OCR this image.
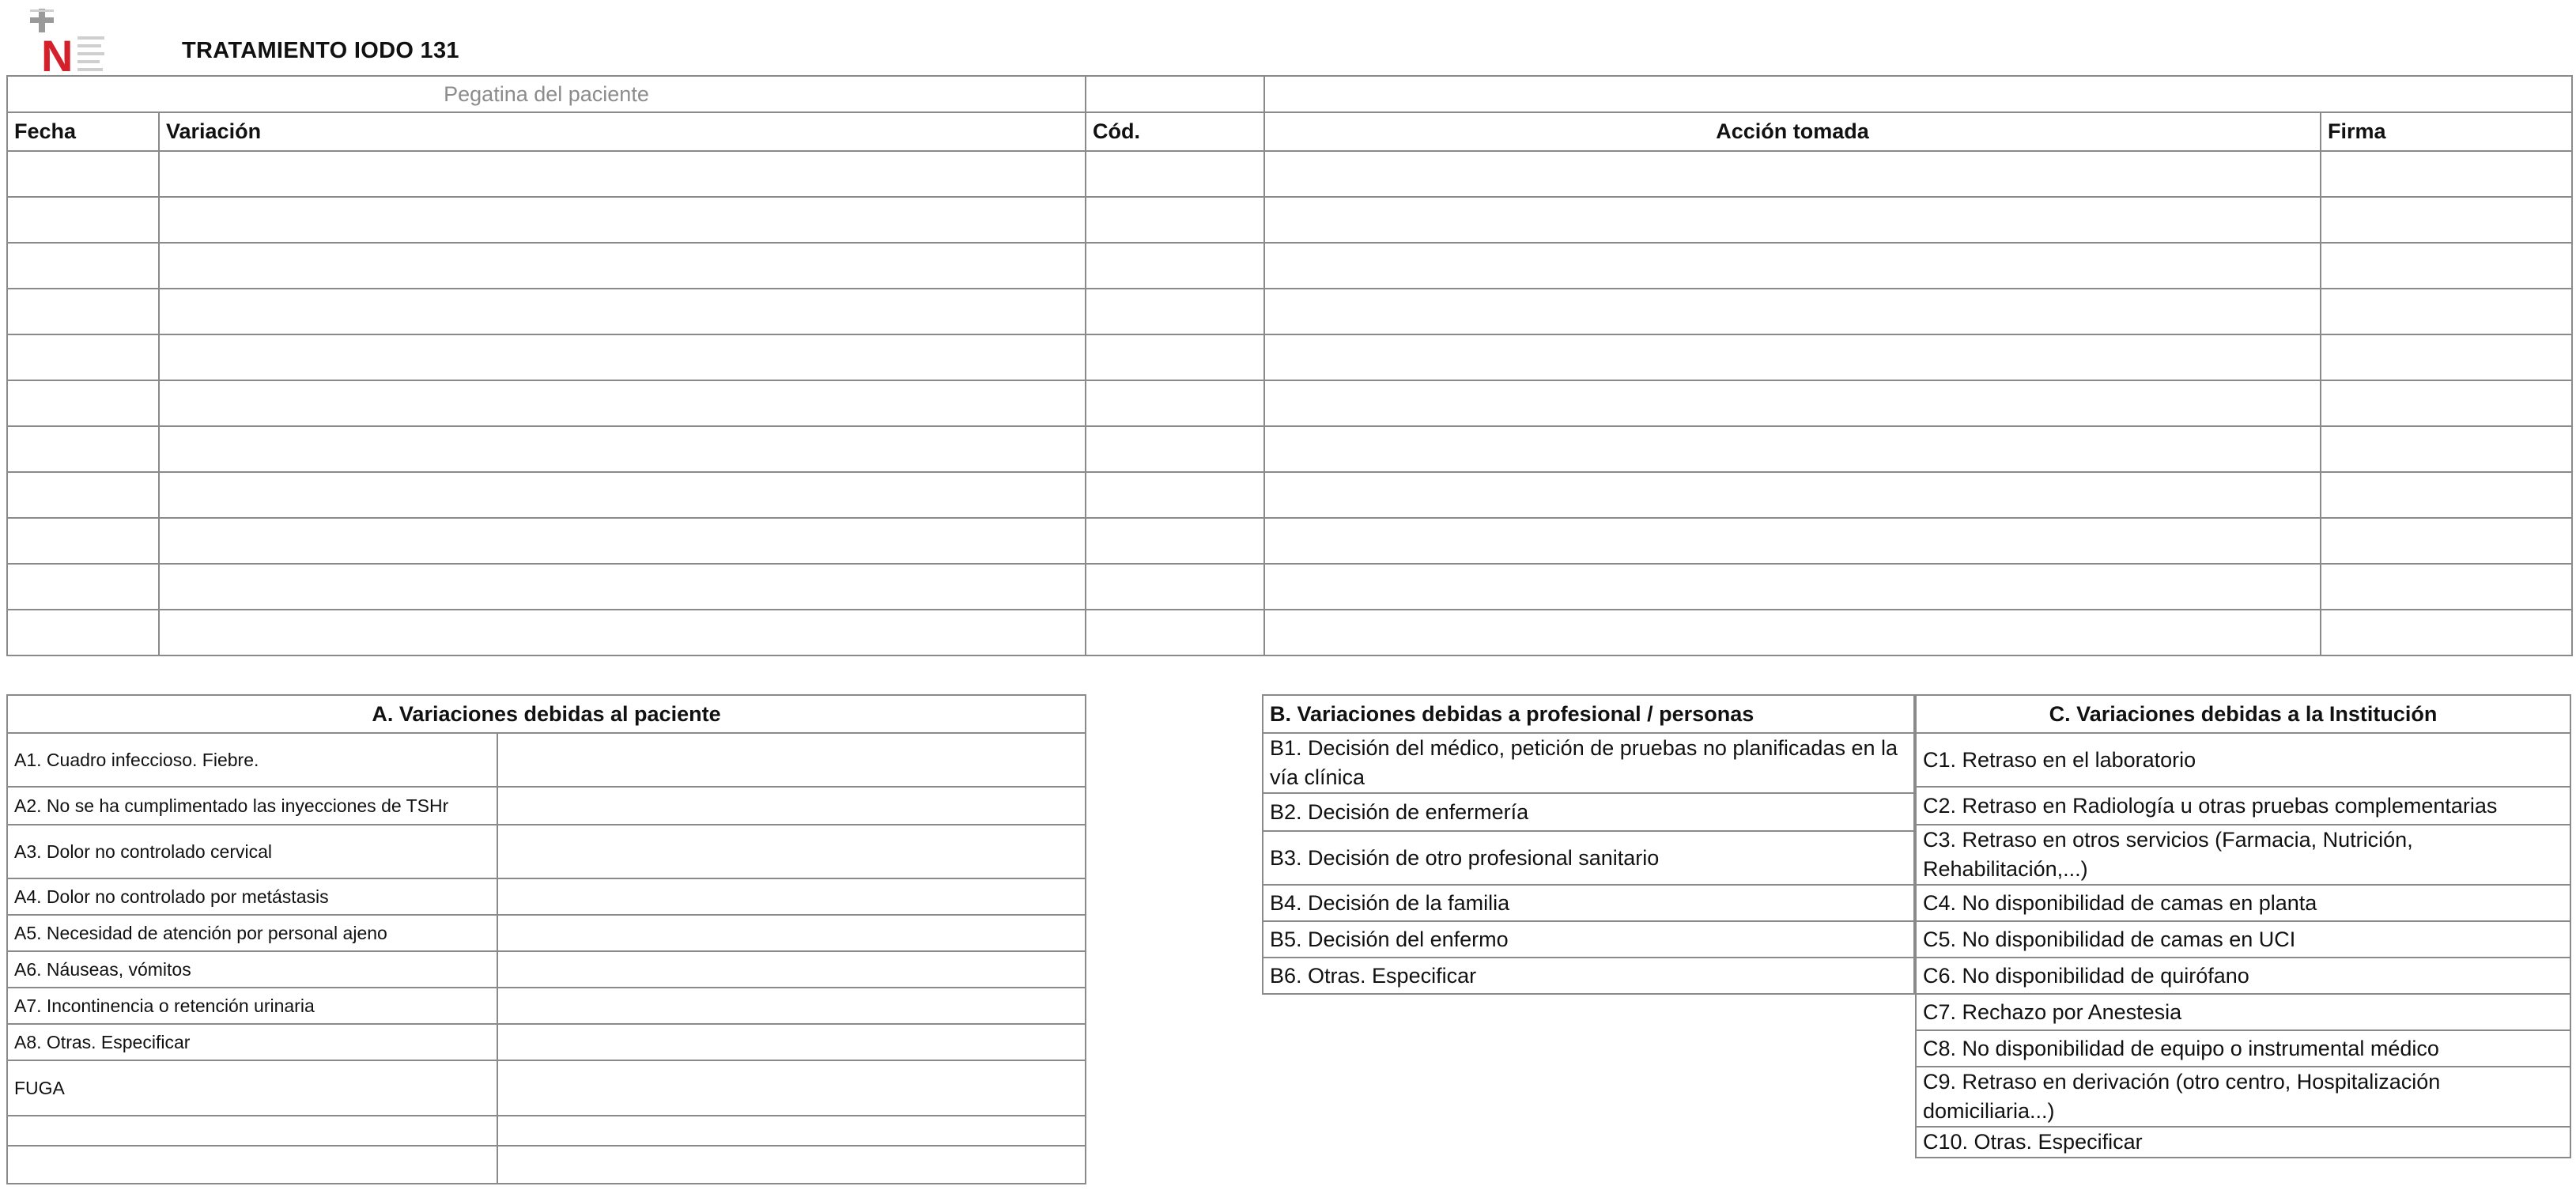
N	TRATAMIENTO IODO 131
Pegatina del paciente				
Fecha	Variación	Cód.	Acción tomada	Firma

A. Variaciones debidas al paciente	
A1. Cuadro infeccioso. Fiebre.	
A2. No se ha cumplimentado las inyecciones de TSHr	
A3. Dolor no controlado cervical	
A4. Dolor no controlado por metástasis	
A5. Necesidad de atención por personal ajeno	
A6. Náuseas, vómitos	
A7. Incontinencia o retención urinaria	
A8. Otras. Especificar	
FUGA	

B. Variaciones debidas a profesional / personas
B1. Decisión del médico, petición de pruebas no planificadas en la vía clínica
B2. Decisión de enfermería
B3. Decisión de otro profesional sanitario
B4. Decisión de la familia
B5. Decisión del enfermo
B6. Otras. Especificar
C. Variaciones debidas a la Institución
C1. Retraso en el laboratorio
C2. Retraso en Radiología u otras pruebas complementarias
C3. Retraso en otros servicios (Farmacia, Nutrición, Rehabilitación,...)
C4. No disponibilidad de camas en planta
C5. No disponibilidad de camas en UCI
C6. No disponibilidad de quirófano
C7. Rechazo por Anestesia
C8. No disponibilidad de equipo o instrumental médico
C9. Retraso en derivación (otro centro, Hospitalización domiciliaria...)
C10. Otras. Especificar
